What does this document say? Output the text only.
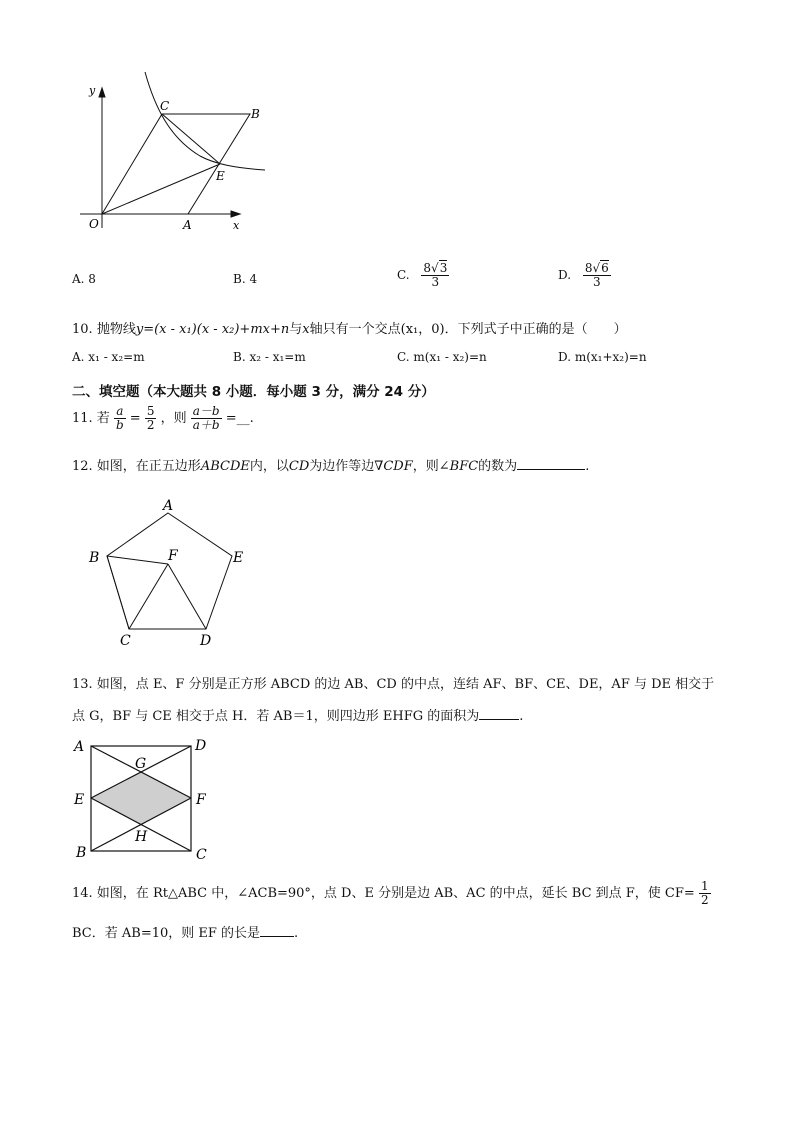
y
O	A	x
B
C
E
A. 8	B. 4	C. $\frac{8√3}{3}$	D. $\frac{8√6}{3}$
10. 抛物线y=(x - x₁)(x - x₂)+mx+n与x轴只有一个交点(x₁，0)．下列式子中正确的是（　　）
A. x₁ - x₂=m	B. x₂ - x₁=m	C. m(x₁ - x₂)=n	D. m(x₁+x₂)=n
二、填空题（本大题共 8 小题．每小题 3 分，满分 24 分）
11. 若 $\frac{a}{b} = \frac{5}{2}$ ，则 $\frac{a-b}{a+b}$ =__.
12. 如图，在正五边形ABCDE内，以CD为边作等边∇CDF，则∠BFC的数为	.
A
B
C	D
E
F
13. 如图，点 E、F 分别是正方形 ABCD 的边 AB、CD 的中点，连结 AF、BF、CE、DE，AF 与 DE 相交于
点 G，BF 与 CE 相交于点 H．若 AB＝1，则四边形 EHFG 的面积为	.
A	D
E	F
B	C
G
H
14. 如图，在 Rt△ABC 中，∠ACB=90°，点 D、E 分别是边 AB、AC 的中点，延长 BC 到点 F，使 $CF= \frac{1}{2}$
BC．若 AB=10，则 EF 的长是	.
